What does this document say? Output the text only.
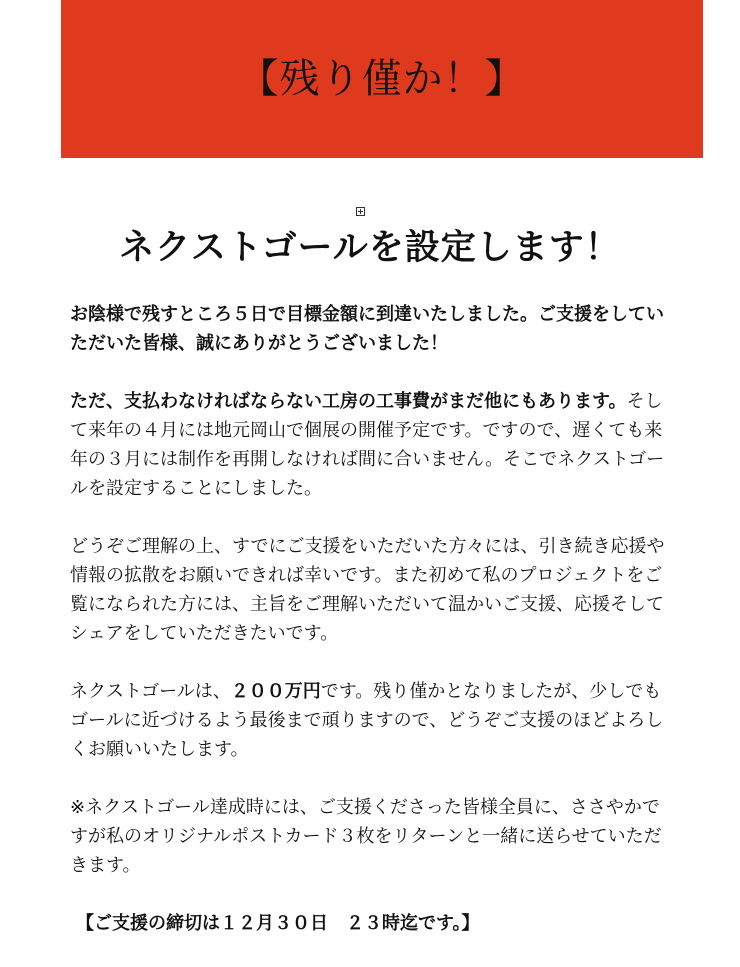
【残り僅か！】
ネクストゴールを設定します！

お陰様で残すところ５日で目標金額に到達いたしました。ご支援をしていただいた皆様、誠にありがとうございました！

ただ、支払わなければならない工房の工事費がまだ他にもあります。そして来年の４月には地元岡山で個展の開催予定です。ですので、遅くても来年の３月には制作を再開しなければ間に合いません。そこでネクストゴールを設定することにしました。

どうぞご理解の上、すでにご支援をいただいた方々には、引き続き応援や情報の拡散をお願いできれば幸いです。また初めて私のプロジェクトをご覧になられた方には、主旨をご理解いただいて温かいご支援、応援そしてシェアをしていただきたいです。

ネクストゴールは、２００万円です。残り僅かとなりましたが、少しでもゴールに近づけるよう最後まで頑りますので、どうぞご支援のほどよろしくお願いいたします。

※ネクストゴール達成時には、ご支援くださった皆様全員に、ささやかですが私のオリジナルポストカード３枚をリターンと一緒に送らせていただきます。

【ご支援の締切は１２月３０日　２３時迄です。】
